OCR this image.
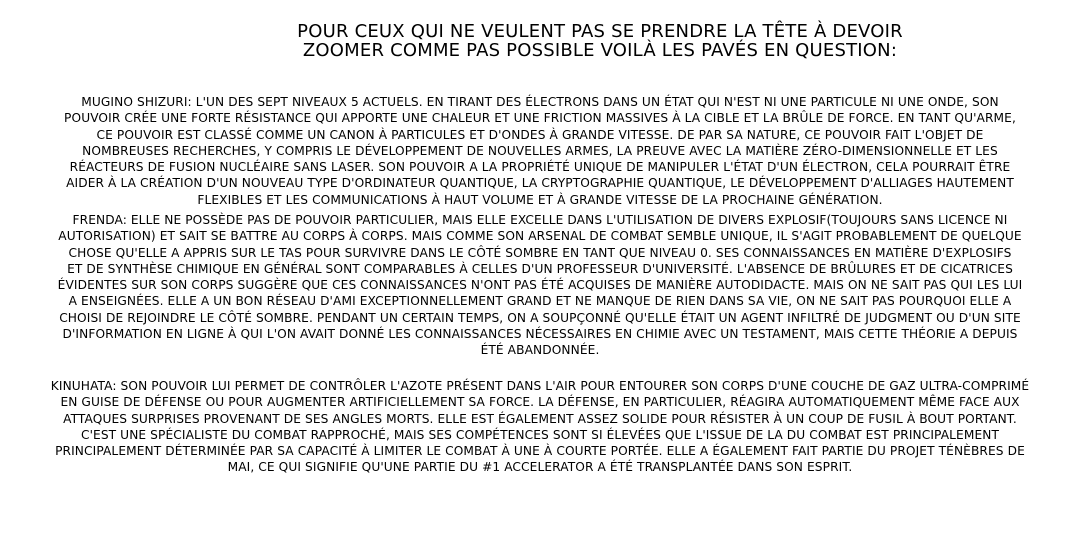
POUR CEUX QUI NE VEULENT PAS SE PRENDRE LA TÊTE À DEVOIR
ZOOMER COMME PAS POSSIBLE VOILÀ LES PAVÉS EN QUESTION:
MUGINO SHIZURI: L'UN DES SEPT NIVEAUX 5 ACTUELS. EN TIRANT DES ÉLECTRONS DANS UN ÉTAT QUI N'EST NI UNE PARTICULE NI UNE ONDE, SON
POUVOIR CRÉE UNE FORTE RÉSISTANCE QUI APPORTE UNE CHALEUR ET UNE FRICTION MASSIVES À LA CIBLE ET LA BRÛLE DE FORCE. EN TANT QU'ARME,
CE POUVOIR EST CLASSÉ COMME UN CANON À PARTICULES ET D'ONDES À GRANDE VITESSE. DE PAR SA NATURE, CE POUVOIR FAIT L'OBJET DE
NOMBREUSES RECHERCHES, Y COMPRIS LE DÉVELOPPEMENT DE NOUVELLES ARMES, LA PREUVE AVEC LA MATIÈRE ZÉRO-DIMENSIONNELLE ET LES
RÉACTEURS DE FUSION NUCLÉAIRE SANS LASER. SON POUVOIR A LA PROPRIÉTÉ UNIQUE DE MANIPULER L'ÉTAT D'UN ÉLECTRON, CELA POURRAIT ÊTRE
AIDER À LA CRÉATION D'UN NOUVEAU TYPE D'ORDINATEUR QUANTIQUE, LA CRYPTOGRAPHIE QUANTIQUE, LE DÉVELOPPEMENT D'ALLIAGES HAUTEMENT
FLEXIBLES ET LES COMMUNICATIONS À HAUT VOLUME ET À GRANDE VITESSE DE LA PROCHAINE GÉNÉRATION.
FRENDA: ELLE NE POSSÈDE PAS DE POUVOIR PARTICULIER, MAIS ELLE EXCELLE DANS L'UTILISATION DE DIVERS EXPLOSIF(TOUJOURS SANS LICENCE NI
AUTORISATION) ET SAIT SE BATTRE AU CORPS À CORPS. MAIS COMME SON ARSENAL DE COMBAT SEMBLE UNIQUE, IL S'AGIT PROBABLEMENT DE QUELQUE
CHOSE QU'ELLE A APPRIS SUR LE TAS POUR SURVIVRE DANS LE CÔTÉ SOMBRE EN TANT QUE NIVEAU 0. SES CONNAISSANCES EN MATIÈRE D'EXPLOSIFS
ET DE SYNTHÈSE CHIMIQUE EN GÉNÉRAL SONT COMPARABLES À CELLES D'UN PROFESSEUR D'UNIVERSITÉ. L'ABSENCE DE BRÛLURES ET DE CICATRICES
ÉVIDENTES SUR SON CORPS SUGGÈRE QUE CES CONNAISSANCES N'ONT PAS ÉTÉ ACQUISES DE MANIÈRE AUTODIDACTE. MAIS ON NE SAIT PAS QUI LES LUI
A ENSEIGNÉES. ELLE A UN BON RÉSEAU D'AMI EXCEPTIONNELLEMENT GRAND ET NE MANQUE DE RIEN DANS SA VIE, ON NE SAIT PAS POURQUOI ELLE A
CHOISI DE REJOINDRE LE CÔTÉ SOMBRE. PENDANT UN CERTAIN TEMPS, ON A SOUPÇONNÉ QU'ELLE ÉTAIT UN AGENT INFILTRÉ DE JUDGMENT OU D'UN SITE
D'INFORMATION EN LIGNE À QUI L'ON AVAIT DONNÉ LES CONNAISSANCES NÉCESSAIRES EN CHIMIE AVEC UN TESTAMENT, MAIS CETTE THÉORIE A DEPUIS
ÉTÉ ABANDONNÉE.
KINUHATA: SON POUVOIR LUI PERMET DE CONTRÔLER L'AZOTE PRÉSENT DANS L'AIR POUR ENTOURER SON CORPS D'UNE COUCHE DE GAZ ULTRA-COMPRIMÉ
EN GUISE DE DÉFENSE OU POUR AUGMENTER ARTIFICIELLEMENT SA FORCE. LA DÉFENSE, EN PARTICULIER, RÉAGIRA AUTOMATIQUEMENT MÊME FACE AUX
ATTAQUES SURPRISES PROVENANT DE SES ANGLES MORTS. ELLE EST ÉGALEMENT ASSEZ SOLIDE POUR RÉSISTER À UN COUP DE FUSIL À BOUT PORTANT.
C'EST UNE SPÉCIALISTE DU COMBAT RAPPROCHÉ, MAIS SES COMPÉTENCES SONT SI ÉLEVÉES QUE L'ISSUE DE LA DU COMBAT EST PRINCIPALEMENT
PRINCIPALEMENT DÉTERMINÉE PAR SA CAPACITÉ À LIMITER LE COMBAT À UNE À COURTE PORTÉE. ELLE A ÉGALEMENT FAIT PARTIE DU PROJET TÉNÈBRES DE
MAI, CE QUI SIGNIFIE QU'UNE PARTIE DU #1 ACCELERATOR A ÉTÉ TRANSPLANTÉE DANS SON ESPRIT.
